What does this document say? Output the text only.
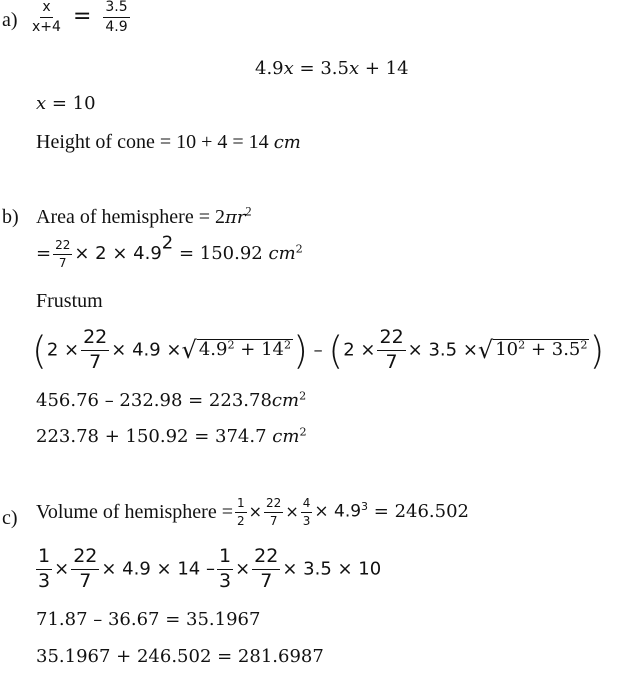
$a) \frac{x}{x+4} = \frac{3.5}{4.9}$
4.9x = 3.5x + 14
x = 10
Height of cone = 10 + 4 = 14 cm
b) Area of hemisphere = $2\pi r^2$
= $\frac{22}{7} \times 2 \times 4.9^2 = 150.92$ $cm^2$
Frustum
($2 \times \frac{22}{7} \times 4.9$ ×√ $4.9^2 + 14^2) - (2 \times \frac{22}{7} \times 3.5$ ×√ $10^2 + 3.5^2$)
$456.76 - 232.98 = 223.78cm^2$
223.78 + 150.92 = 374.7 $cm^2$
c) Volume of hemisphere = $\frac{1}{2} \times \frac{22}{7} \times \frac{4}{3} \times 4.9^3 = 246.502$
$\frac{1}{3} \times \frac{22}{7} \times 4.9 \times 14 - \frac{1}{3} \times \frac{22}{7} \times 3.5 \times 10$
71.87 – 36.67 = 35.1967
35.1967 + 246.502 = 281.6987
